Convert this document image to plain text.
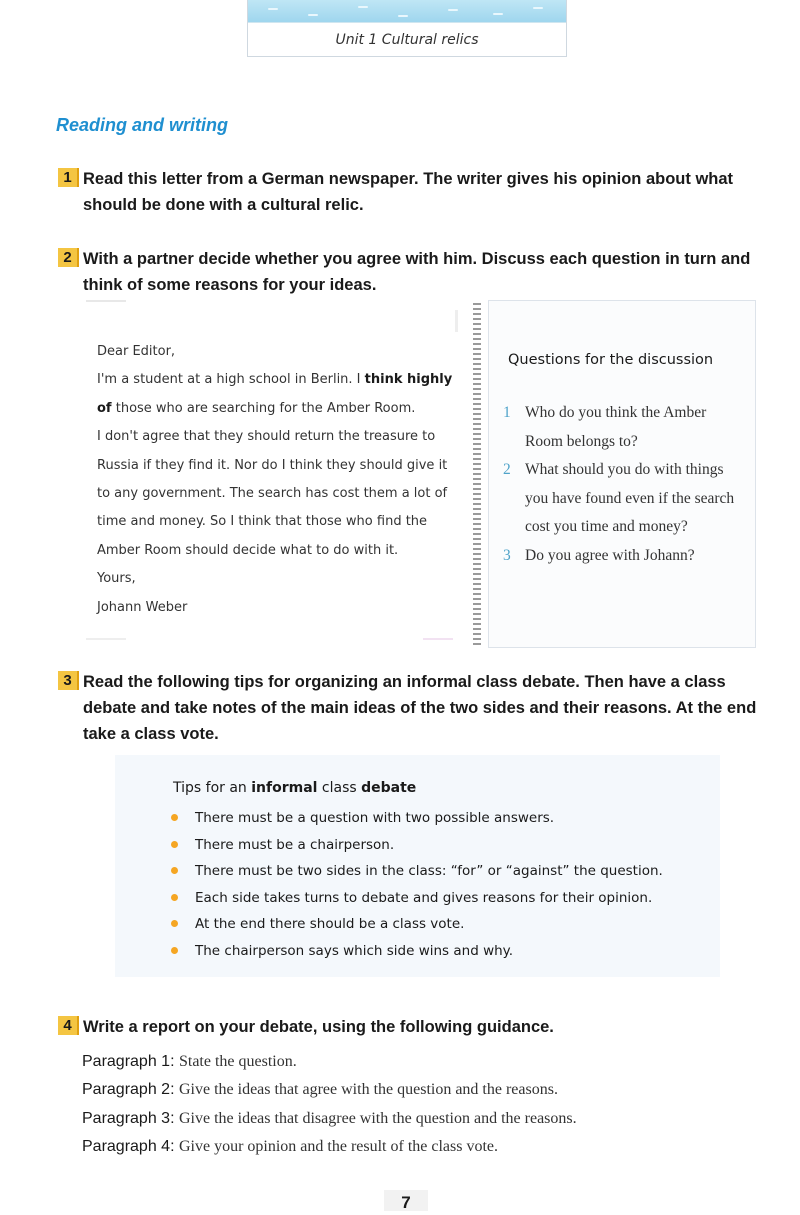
Unit 1 Cultural relics
Reading and writing
1 Read this letter from a German newspaper. The writer gives his opinion about what should be done with a cultural relic.
2 With a partner decide whether you agree with him. Discuss each question in turn and think of some reasons for your ideas.

Dear Editor,

I'm a student at a high school in Berlin. I think highly of those who are searching for the Amber Room.

I don't agree that they should return the treasure to Russia if they find it. Nor do I think they should give it to any government. The search has cost them a lot of time and money. So I think that those who find the Amber Room should decide what to do with it.

Yours,

Johann Weber

Questions for the discussion
1 Who do you think the Amber Room belongs to?
2 What should you do with things you have found even if the search cost you time and money?
3 Do you agree with Johann?
3 Read the following tips for organizing an informal class debate. Then have a class debate and take notes of the main ideas of the two sides and their reasons. At the end take a class vote.
Tips for an informal class debate
There must be a question with two possible answers.
There must be a chairperson.
There must be two sides in the class: “for” or “against” the question.
Each side takes turns to debate and gives reasons for their opinion.
At the end there should be a class vote.
The chairperson says which side wins and why.
4 Write a report on your debate, using the following guidance.
Paragraph 1: State the question.
Paragraph 2: Give the ideas that agree with the question and the reasons.
Paragraph 3: Give the ideas that disagree with the question and the reasons.
Paragraph 4: Give your opinion and the result of the class vote.
7
